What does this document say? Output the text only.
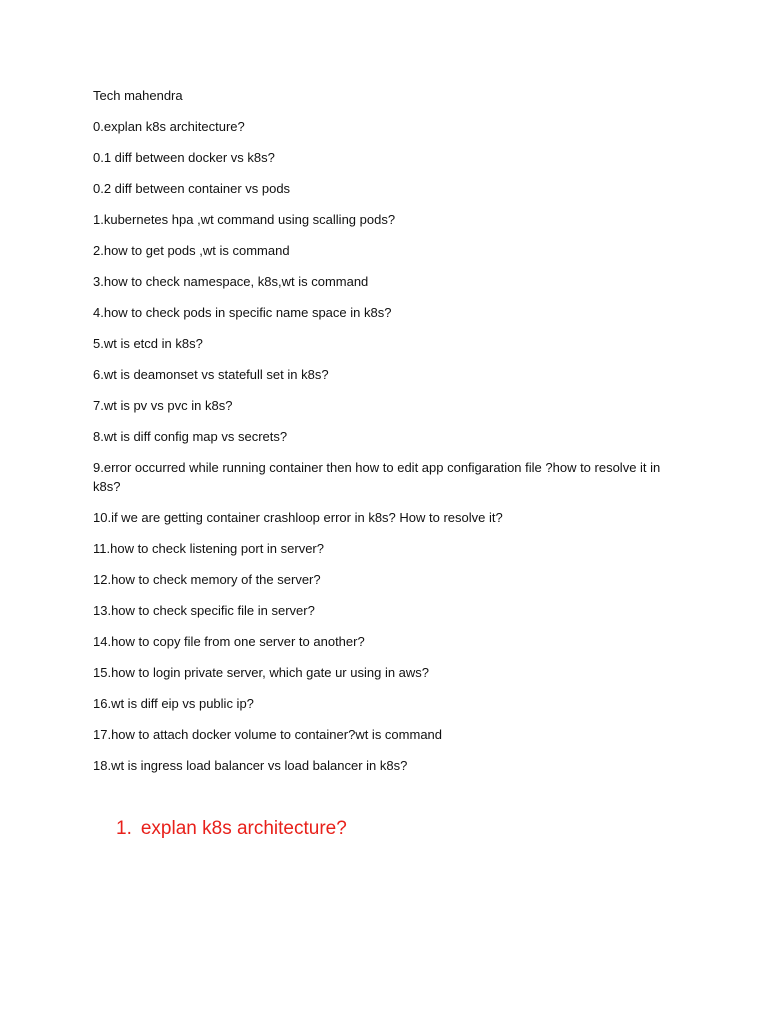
Tech mahendra

0.explan k8s architecture?

0.1 diff between docker vs k8s?

0.2 diff between container vs pods

1.kubernetes hpa ,wt command using scalling pods?

2.how to get pods ,wt is command

3.how to check namespace, k8s,wt is command

4.how to check pods in specific name space in k8s?

5.wt is etcd in k8s?

6.wt is deamonset vs statefull set in k8s?

7.wt is pv vs pvc in k8s?

8.wt is diff config map vs secrets?

9.error occurred while running container then how to edit app configaration file ?how to resolve it in k8s?

10.if we are getting container crashloop error in k8s? How to resolve it?

11.how to check listening port in server?

12.how to check memory of the server?

13.how to check specific file in server?

14.how to copy file from one server to another?

15.how to login private server, which gate ur using in aws?

16.wt is diff eip vs public ip?

17.how to attach docker volume to container?wt is command

18.wt is ingress load balancer vs load balancer in k8s?

1. explan k8s architecture?
